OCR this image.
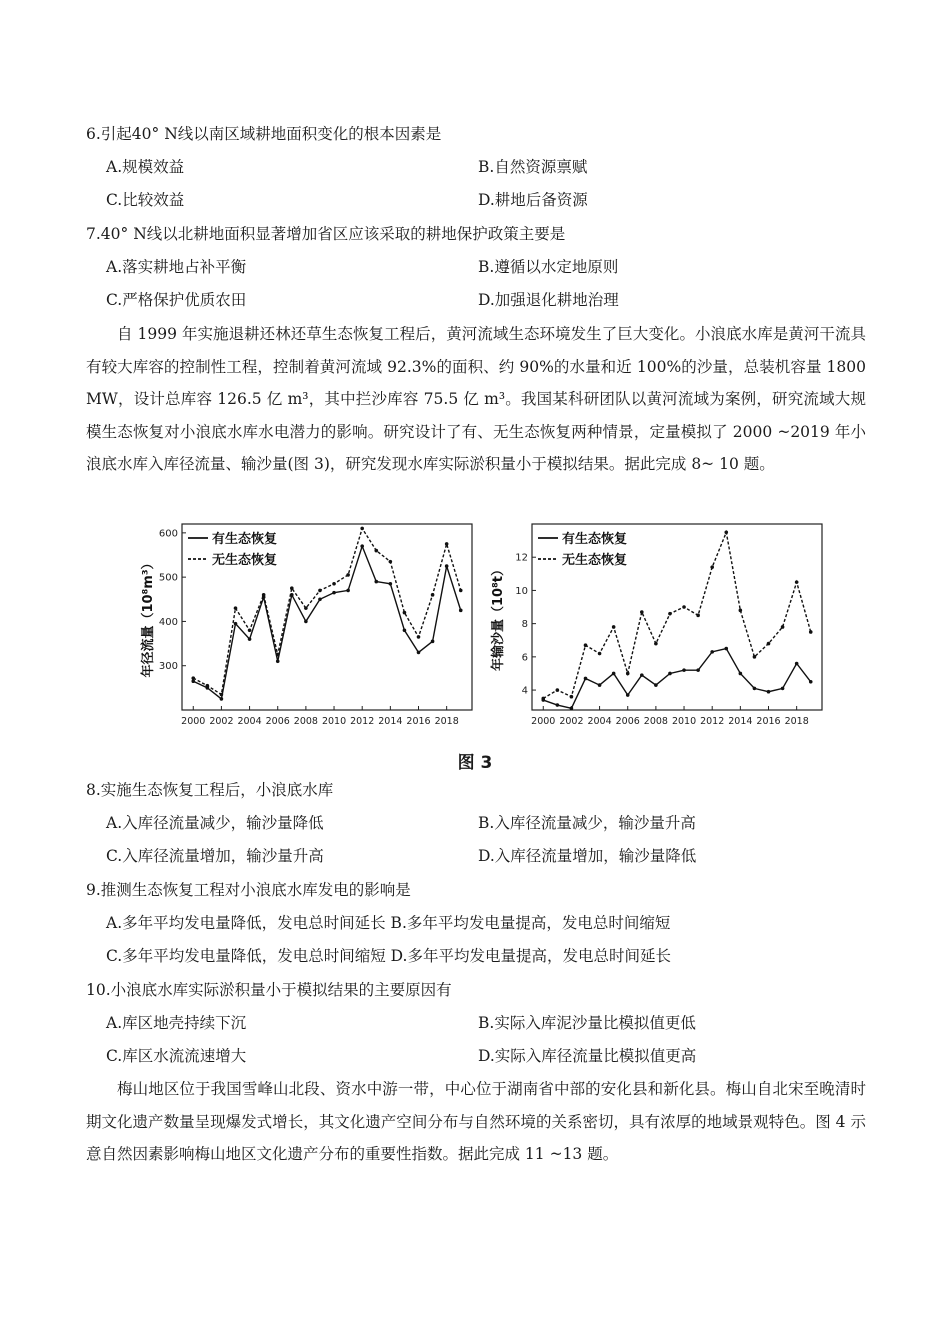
6.引起40° N线以南区域耕地面积变化的根本因素是
A.规模效益	B.自然资源禀赋
C.比较效益	D.耕地后备资源
7.40° N线以北耕地面积显著增加省区应该采取的耕地保护政策主要是
A.落实耕地占补平衡	B.遵循以水定地原则
C.严格保护优质农田	D.加强退化耕地治理
自 1999 年实施退耕还林还草生态恢复工程后，黄河流域生态环境发生了巨大变化。小浪底水库是黄河干流具有较大库容的控制性工程，控制着黄河流域 92.3%的面积、约 90%的水量和近 100%的沙量，总装机容量 1800 MW，设计总库容 126.5 亿 m³，其中拦沙库容 75.5 亿 m³。我国某科研团队以黄河流域为案例，研究流域大规模生态恢复对小浪底水库水电潜力的影响。研究设计了有、无生态恢复两种情景，定量模拟了 2000 ~2019 年小浪底水库入库径流量、输沙量(图 3)，研究发现水库实际淤积量小于模拟结果。据此完成 8~ 10 题。
300
400
500
600
2000 2002 2004 2006 2008 2010 2012 2014 2016 2018
年径流量（10⁸m³）
有生态恢复
无生态恢复
4
6
8
10
12
2000 2002 2004 2006 2008 2010 2012 2014 2016 2018
年输沙量（10⁸t）
有生态恢复
无生态恢复
图 3
8.实施生态恢复工程后，小浪底水库
A.入库径流量减少，输沙量降低	B.入库径流量减少，输沙量升高
C.入库径流量增加，输沙量升高	D.入库径流量增加，输沙量降低
9.推测生态恢复工程对小浪底水库发电的影响是
A.多年平均发电量降低，发电总时间延长 B.多年平均发电量提高，发电总时间缩短
C.多年平均发电量降低，发电总时间缩短 D.多年平均发电量提高，发电总时间延长
10.小浪底水库实际淤积量小于模拟结果的主要原因有
A.库区地壳持续下沉	B.实际入库泥沙量比模拟值更低
C.库区水流流速增大	D.实际入库径流量比模拟值更高
梅山地区位于我国雪峰山北段、资水中游一带，中心位于湖南省中部的安化县和新化县。梅山自北宋至晚清时期文化遗产数量呈现爆发式增长，其文化遗产空间分布与自然环境的关系密切，具有浓厚的地域景观特色。图 4 示意自然因素影响梅山地区文化遗产分布的重要性指数。据此完成 11 ~13 题。
